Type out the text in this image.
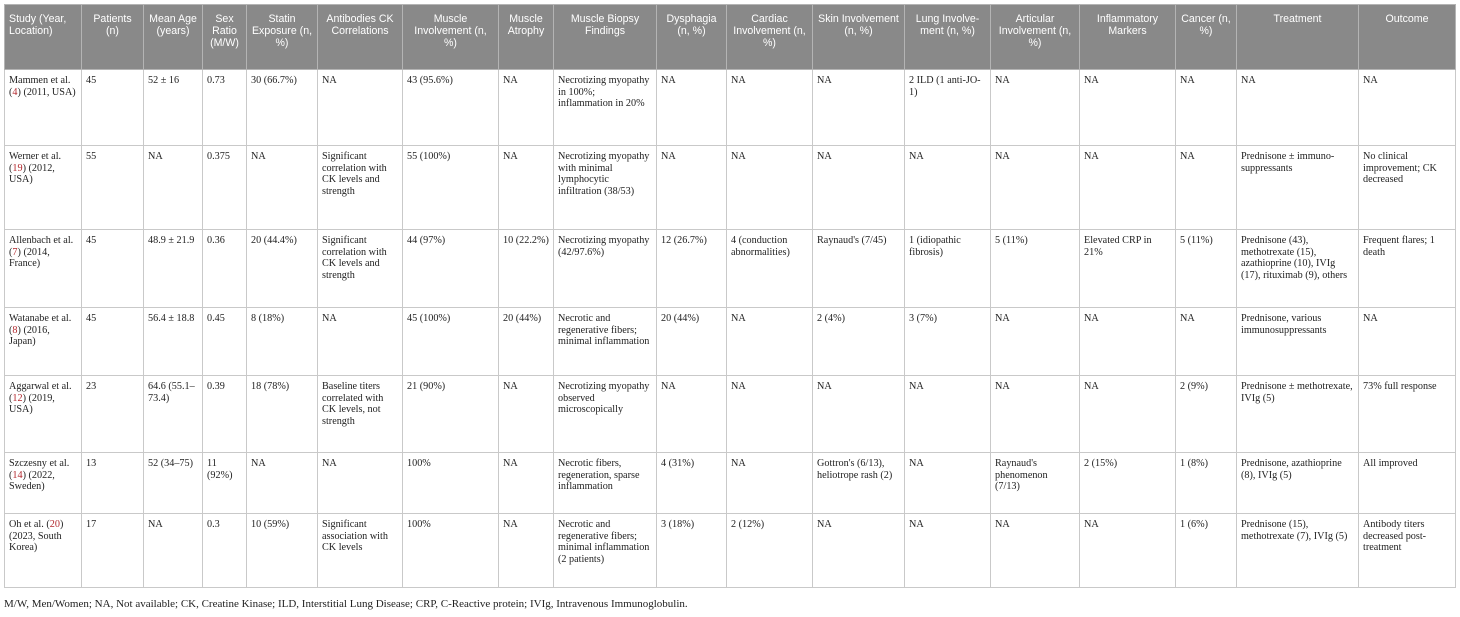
Study (Year, Location)	Patients (n)	Mean Age (years)	Sex Ratio (M/W)	Statin Exposure (n, %)	Antibodies CK Correlations	Muscle Involvement (n, %)	Muscle Atrophy	Muscle Biopsy Findings	Dysphagia (n, %)	Cardiac Involvement (n, %)	Skin Involvement (n, %)	Lung Involve-ment (n, %)	Articular Involvement (n, %)	Inflammatory Markers	Cancer (n, %)	Treatment	Outcome
Mammen et al. (4) (2011, USA)	45	52 ± 16	0.73	30 (66.7%)	NA	43 (95.6%)	NA	Necrotizing myopathy in 100%; inflammation in 20%	NA	NA	NA	2 ILD (1 anti-JO-1)	NA	NA	NA	NA	NA
Werner et al. (19) (2012, USA)	55	NA	0.375	NA	Significant correlation with CK levels and strength	55 (100%)	NA	Necrotizing myopathy with minimal lymphocytic infiltration (38/53)	NA	NA	NA	NA	NA	NA	NA	Prednisone ± immuno-suppressants	No clinical improvement; CK decreased
Allenbach et al. (7) (2014, France)	45	48.9 ± 21.9	0.36	20 (44.4%)	Significant correlation with CK levels and strength	44 (97%)	10 (22.2%)	Necrotizing myopathy (42/97.6%)	12 (26.7%)	4 (conduction abnormalities)	Raynaud's (7/45)	1 (idiopathic fibrosis)	5 (11%)	Elevated CRP in 21%	5 (11%)	Prednisone (43), methotrexate (15), azathioprine (10), IVIg (17), rituximab (9), others	Frequent flares; 1 death
Watanabe et al. (8) (2016, Japan)	45	56.4 ± 18.8	0.45	8 (18%)	NA	45 (100%)	20 (44%)	Necrotic and regenerative fibers; minimal inflammation	20 (44%)	NA	2 (4%)	3 (7%)	NA	NA	NA	Prednisone, various immunosuppressants	NA
Aggarwal et al. (12) (2019, USA)	23	64.6 (55.1–73.4)	0.39	18 (78%)	Baseline titers correlated with CK levels, not strength	21 (90%)	NA	Necrotizing myopathy observed microscopically	NA	NA	NA	NA	NA	NA	2 (9%)	Prednisone ± methotrexate, IVIg (5)	73% full response
Szczesny et al. (14) (2022, Sweden)	13	52 (34–75)	11 (92%)	NA	NA	100%	NA	Necrotic fibers, regeneration, sparse inflammation	4 (31%)	NA	Gottron's (6/13), heliotrope rash (2)	NA	Raynaud's phenomenon (7/13)	2 (15%)	1 (8%)	Prednisone, azathioprine (8), IVIg (5)	All improved
Oh et al. (20) (2023, South Korea)	17	NA	0.3	10 (59%)	Significant association with CK levels	100%	NA	Necrotic and regenerative fibers; minimal inflammation (2 patients)	3 (18%)	2 (12%)	NA	NA	NA	NA	1 (6%)	Prednisone (15), methotrexate (7), IVIg (5)	Antibody titers decreased post-treatment
M/W, Men/Women; NA, Not available; CK, Creatine Kinase; ILD, Interstitial Lung Disease; CRP, C-Reactive protein; IVIg, Intravenous Immunoglobulin.
